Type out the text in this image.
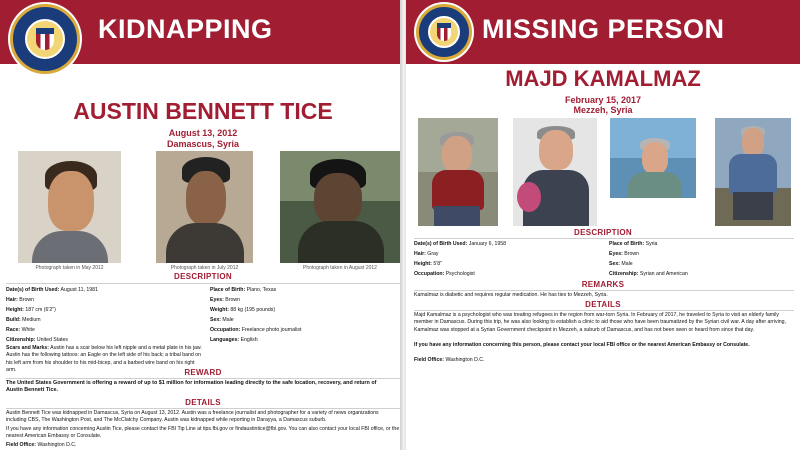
KIDNAPPING
AUSTIN BENNETT TICE
August 13, 2012
Damascus, Syria
Photograph taken in May 2012	Photograph taken in July 2012	Photograph taken in August 2012
DESCRIPTION
Date(s) of Birth Used: August 11, 1981
Hair: Brown
Height: 187 cm (6'2")
Build: Medium
Race: White
Citizenship: United States
Place of Birth: Plano, Texas
Eyes: Brown
Weight: 88 kg (195 pounds)
Sex: Male
Occupation: Freelance photo journalist
Languages: English
Scars and Marks: Austin has a scar below his left nipple and a metal plate in his jaw. Austin has the following tattoos: an Eagle on the left side of his back; a tribal band on his left arm from his shoulder to his mid-bicep, and a barbed wire band on his right arm.	REWARD
The United States Government is offering a reward of up to $1 million for information leading directly to the safe location, recovery, and return of Austin Bennett Tice.
DETAILS
Austin Bennett Tice was kidnapped in Damascus, Syria on August 13, 2012. Austin was a freelance journalist and photographer for a variety of news organizations including CBS, The Washington Post, and The McClatchy Company. Austin was kidnapped while reporting in Darayya, a Damascus suburb.
If you have any information concerning Austin Tice, please contact the FBI Tip Line at tips.fbi.gov or findaustintice@fbi.gov. You can also contact your local FBI office, or the nearest American Embassy or Consulate.
Field Office: Washington D.C.
MISSING PERSON
MAJD KAMALMAZ
February 15, 2017
Mezzeh, Syria
DESCRIPTION
Date(s) of Birth Used: January 6, 1958
Hair: Gray
Height: 5'8"
Occupation: Psychologist
Place of Birth: Syria
Eyes: Brown
Sex: Male
Citizenship: Syrian and American
REMARKS
Kamalmaz is diabetic and requires regular medication. He has ties to Mezzeh, Syria.
DETAILS
Majd Kamalmaz is a psychologist who was treating refugees in the region from war-torn Syria. In February of 2017, he traveled to Syria to visit an elderly family member in Damascus. During this trip, he was also looking to establish a clinic to aid those who have been traumatized by the Syrian civil war. A day after arriving, Kamalmaz was stopped at a Syrian Government checkpoint in Mezzeh, a suburb of Damascus, and has not been seen or heard from since that day.
If you have any information concerning this person, please contact your local FBI office or the nearest American Embassy or Consulate.
Field Office: Washington D.C.
